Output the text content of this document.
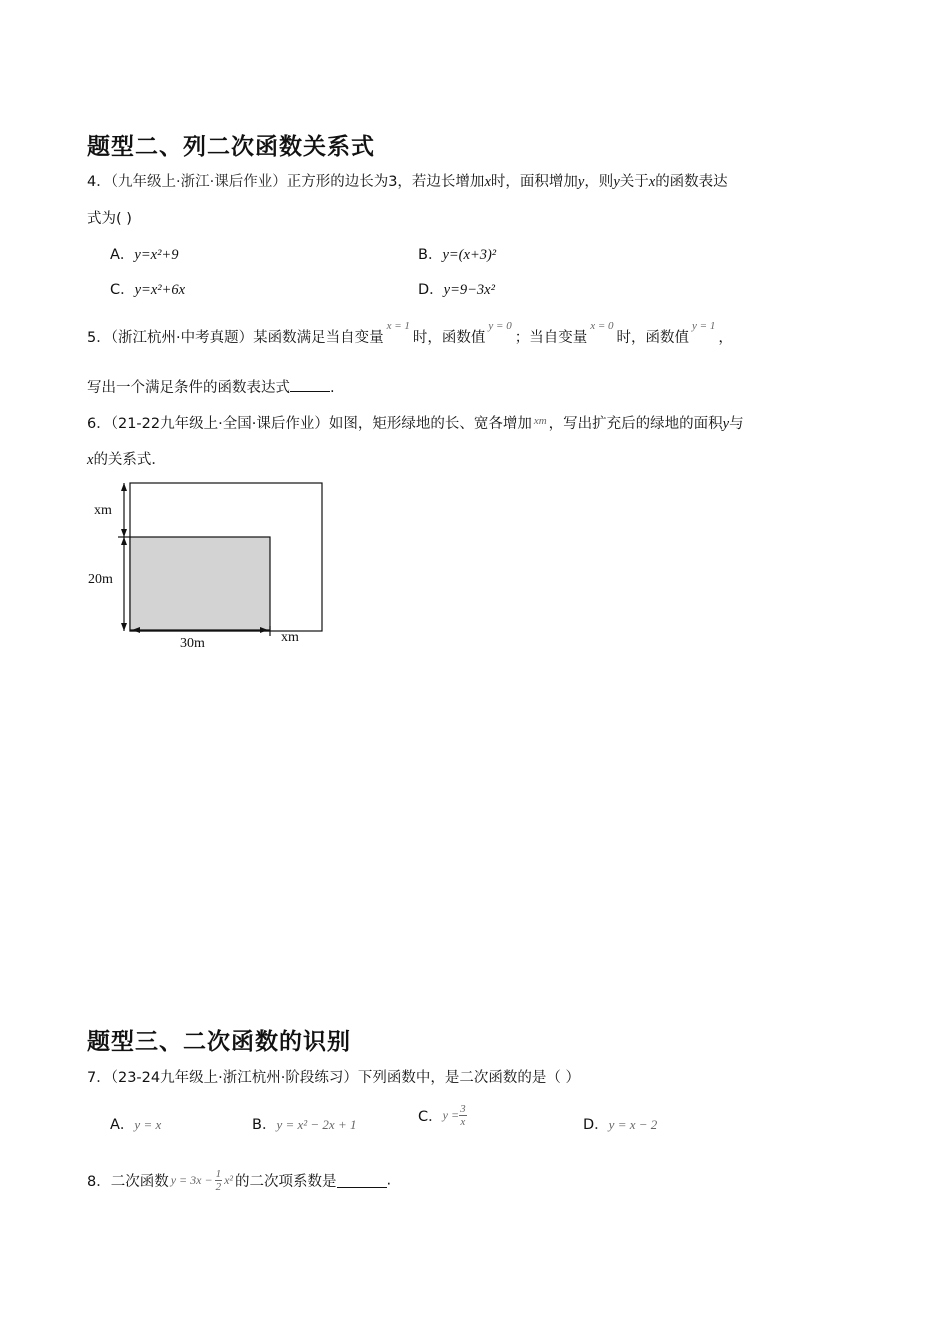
题型二、列二次函数关系式
4．（九年级上·浙江·课后作业）正方形的边长为3，若边长增加x时，面积增加y，则y关于x的函数表达
式为( )
A．y=x²+9	B．y=(x+3)²
C．y=x²+6x	D．y=9−3x²
5．（浙江杭州·中考真题）某函数满足当自变量$^{x = 1}$时，函数值$^{y = 0}$；当自变量$^{x = 0}$时，函数值$^{y = 1}$，
写出一个满足条件的函数表达式	.
6．（21-22九年级上·全国·课后作业）如图，矩形绿地的长、宽各增加 $^{xm}$ ，写出扩充后的绿地的面积y与
x的关系式．
xm
20m
30m	xm
题型三、二次函数的识别
7．（23-24九年级上·浙江杭州·阶段练习）下列函数中，是二次函数的是（ ）
A．y = x	B．y = x² − 2x + 1	C．$y = \frac{3}{x}$	D．y = x − 2
8．二次函数 $y = 3x - \frac{1}{2} x^2$ 的二次项系数是	.
